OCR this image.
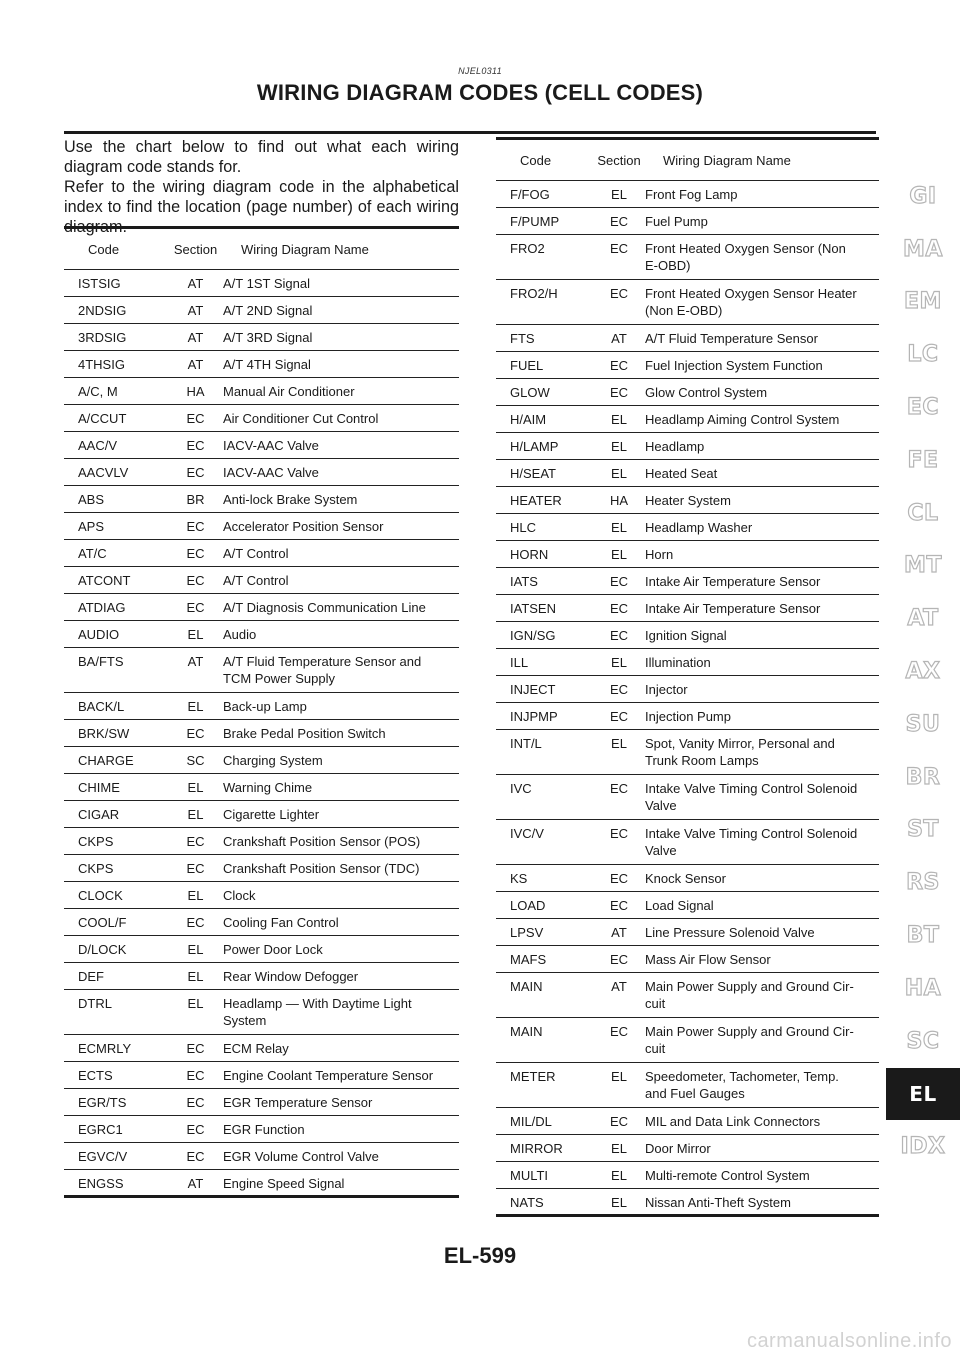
NJEL0311
WIRING DIAGRAM CODES (CELL CODES)

Use the chart below to find out what each wiring diagram code stands for.

Refer to the wiring diagram code in the alphabetical index to find the location (page number) of each wiring diagram.

Code	Section	Wiring Diagram Name
ISTSIG	AT	A/T 1ST Signal
2NDSIG	AT	A/T 2ND Signal
3RDSIG	AT	A/T 3RD Signal
4THSIG	AT	A/T 4TH Signal
A/C, M	HA	Manual Air Conditioner
A/CCUT	EC	Air Conditioner Cut Control
AAC/V	EC	IACV-AAC Valve
AACVLV	EC	IACV-AAC Valve
ABS	BR	Anti-lock Brake System
APS	EC	Accelerator Position Sensor
AT/C	EC	A/T Control
ATCONT	EC	A/T Control
ATDIAG	EC	A/T Diagnosis Communication Line
AUDIO	EL	Audio
BA/FTS	AT	A/T Fluid Temperature Sensor and
TCM Power Supply
BACK/L	EL	Back-up Lamp
BRK/SW	EC	Brake Pedal Position Switch
CHARGE	SC	Charging System
CHIME	EL	Warning Chime
CIGAR	EL	Cigarette Lighter
CKPS	EC	Crankshaft Position Sensor (POS)
CKPS	EC	Crankshaft Position Sensor (TDC)
CLOCK	EL	Clock
COOL/F	EC	Cooling Fan Control
D/LOCK	EL	Power Door Lock
DEF	EL	Rear Window Defogger
DTRL	EL	Headlamp — With Daytime Light
System
ECMRLY	EC	ECM Relay
ECTS	EC	Engine Coolant Temperature Sensor
EGR/TS	EC	EGR Temperature Sensor
EGRC1	EC	EGR Function
EGVC/V	EC	EGR Volume Control Valve
ENGSS	AT	Engine Speed Signal
Code	Section	Wiring Diagram Name
F/FOG	EL	Front Fog Lamp
F/PUMP	EC	Fuel Pump
FRO2	EC	Front Heated Oxygen Sensor (Non
E-OBD)
FRO2/H	EC	Front Heated Oxygen Sensor Heater
(Non E-OBD)
FTS	AT	A/T Fluid Temperature Sensor
FUEL	EC	Fuel Injection System Function
GLOW	EC	Glow Control System
H/AIM	EL	Headlamp Aiming Control System
H/LAMP	EL	Headlamp
H/SEAT	EL	Heated Seat
HEATER	HA	Heater System
HLC	EL	Headlamp Washer
HORN	EL	Horn
IATS	EC	Intake Air Temperature Sensor
IATSEN	EC	Intake Air Temperature Sensor
IGN/SG	EC	Ignition Signal
ILL	EL	Illumination
INJECT	EC	Injector
INJPMP	EC	Injection Pump
INT/L	EL	Spot, Vanity Mirror, Personal and
Trunk Room Lamps
IVC	EC	Intake Valve Timing Control Solenoid
Valve
IVC/V	EC	Intake Valve Timing Control Solenoid
Valve
KS	EC	Knock Sensor
LOAD	EC	Load Signal
LPSV	AT	Line Pressure Solenoid Valve
MAFS	EC	Mass Air Flow Sensor
MAIN	AT	Main Power Supply and Ground Cir-
cuit
MAIN	EC	Main Power Supply and Ground Cir-
cuit
METER	EL	Speedometer, Tachometer, Temp.
and Fuel Gauges
MIL/DL	EC	MIL and Data Link Connectors
MIRROR	EL	Door Mirror
MULTI	EL	Multi-remote Control System
NATS	EL	Nissan Anti-Theft System
GI
MA
EM
LC
EC
FE
CL
MT
AT
AX
SU
BR
ST
RS
BT
HA
SC
EL
IDX
EL-599
carmanualsonline.info
